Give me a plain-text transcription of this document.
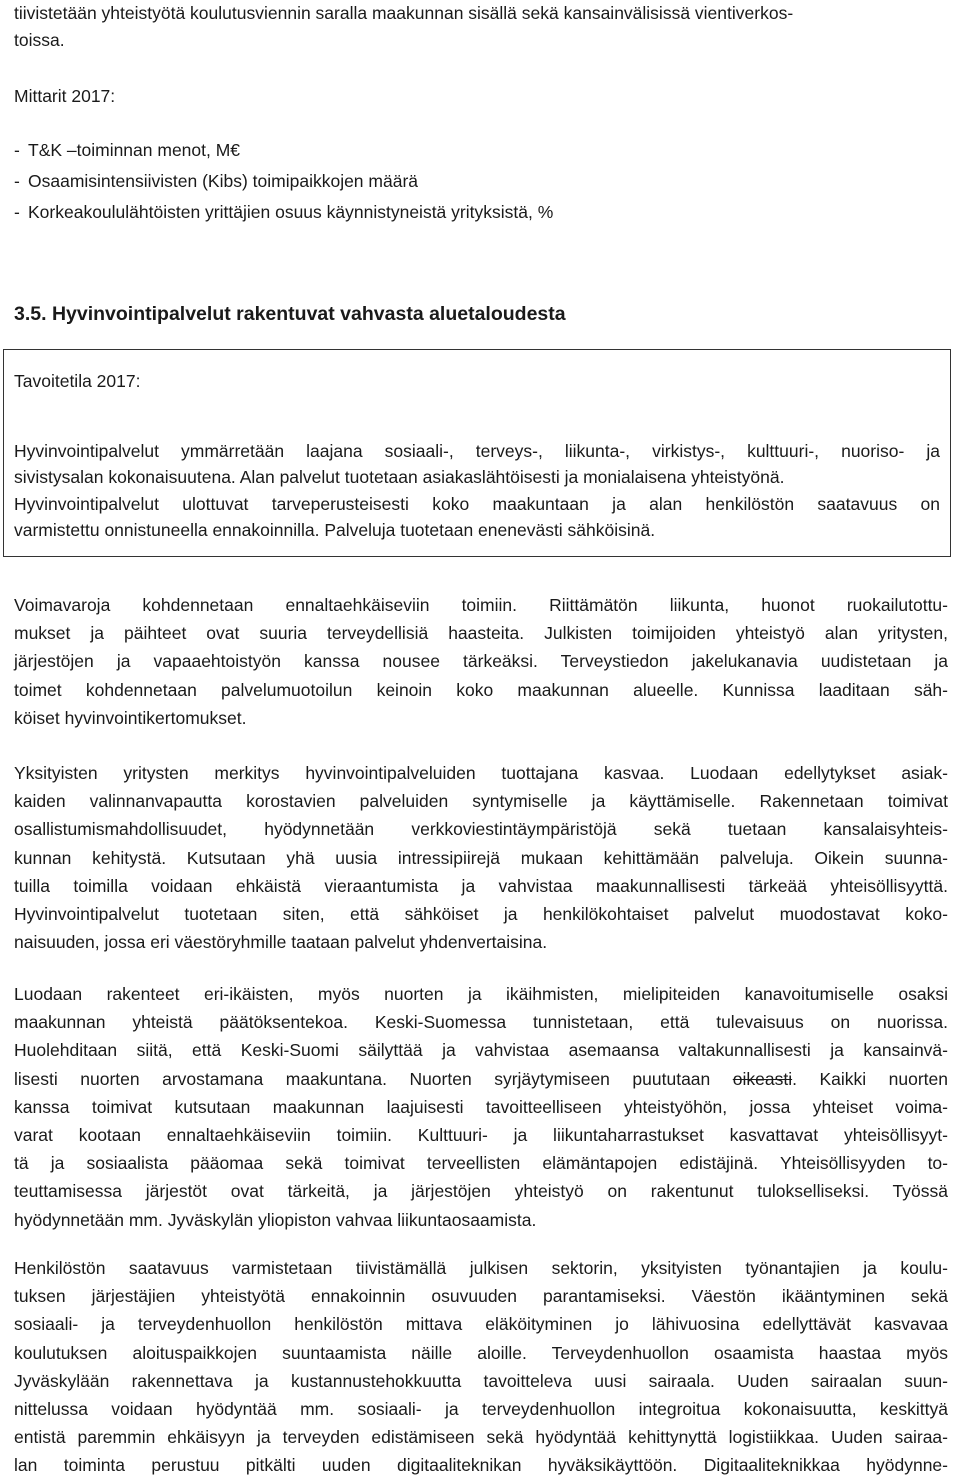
tiivistetään yhteistyötä koulutusviennin saralla maakunnan sisällä sekä kansainvälisissä vientiverkos-
toissa.
Mittarit 2017:
- T&K –toiminnan menot, M€
- Osaamisintensiivisten (Kibs) toimipaikkojen määrä
- Korkeakoululähtöisten yrittäjien osuus käynnistyneistä yrityksistä, %
3.5. Hyvinvointipalvelut rakentuvat vahvasta aluetaloudesta
Tavoitetila 2017:
Hyvinvointipalvelut ymmärretään laajana sosiaali-, terveys-, liikunta-, virkistys-, kulttuuri-, nuoriso- ja
sivistysalan kokonaisuutena. Alan palvelut tuotetaan asiakaslähtöisesti ja monialaisena yhteistyönä.
Hyvinvointipalvelut ulottuvat tarveperusteisesti koko maakuntaan ja alan henkilöstön saatavuus on
varmistettu onnistuneella ennakoinnilla. Palveluja tuotetaan enenevästi sähköisinä.
Voimavaroja kohdennetaan ennaltaehkäiseviin toimiin. Riittämätön liikunta, huonot ruokailutottu-
mukset ja päihteet ovat suuria terveydellisiä haasteita. Julkisten toimijoiden yhteistyö alan yritysten,
järjestöjen ja vapaaehtoistyön kanssa nousee tärkeäksi. Terveystiedon jakelukanavia uudistetaan ja
toimet kohdennetaan palvelumuotoilun keinoin koko maakunnan alueelle. Kunnissa laaditaan säh-
köiset hyvinvointikertomukset.
Yksityisten yritysten merkitys hyvinvointipalveluiden tuottajana kasvaa. Luodaan edellytykset asiak-
kaiden valinnanvapautta korostavien palveluiden syntymiselle ja käyttämiselle. Rakennetaan toimivat
osallistumismahdollisuudet, hyödynnetään verkkoviestintäympäristöjä sekä tuetaan kansalaisyhteis-
kunnan kehitystä. Kutsutaan yhä uusia intressipiirejä mukaan kehittämään palveluja. Oikein suunna-
tuilla toimilla voidaan ehkäistä vieraantumista ja vahvistaa maakunnallisesti tärkeää yhteisöllisyyttä.
Hyvinvointipalvelut tuotetaan siten, että sähköiset ja henkilökohtaiset palvelut muodostavat koko-
naisuuden, jossa eri väestöryhmille taataan palvelut yhdenvertaisina.
Luodaan rakenteet eri-ikäisten, myös nuorten ja ikäihmisten, mielipiteiden kanavoitumiselle osaksi
maakunnan yhteistä päätöksentekoa. Keski-Suomessa tunnistetaan, että tulevaisuus on nuorissa.
Huolehditaan siitä, että Keski-Suomi säilyttää ja vahvistaa asemaansa valtakunnallisesti ja kansainvä-
lisesti nuorten arvostamana maakuntana. Nuorten syrjäytymiseen puututaan oikeasti. Kaikki nuorten
kanssa toimivat kutsutaan maakunnan laajuisesti tavoitteelliseen yhteistyöhön, jossa yhteiset voima-
varat kootaan ennaltaehkäiseviin toimiin. Kulttuuri- ja liikuntaharrastukset kasvattavat yhteisöllisyyt-
tä ja sosiaalista pääomaa sekä toimivat terveellisten elämäntapojen edistäjinä. Yhteisöllisyyden to-
teuttamisessa järjestöt ovat tärkeitä, ja järjestöjen yhteistyö on rakentunut tulokselliseksi. Työssä
hyödynnetään mm. Jyväskylän yliopiston vahvaa liikuntaosaamista.
Henkilöstön saatavuus varmistetaan tiivistämällä julkisen sektorin, yksityisten työnantajien ja koulu-
tuksen järjestäjien yhteistyötä ennakoinnin osuvuuden parantamiseksi. Väestön ikääntyminen sekä
sosiaali- ja terveydenhuollon henkilöstön mittava eläköityminen jo lähivuosina edellyttävät kasvavaa
koulutuksen aloituspaikkojen suuntaamista näille aloille. Terveydenhuollon osaamista haastaa myös
Jyväskylään rakennettava ja kustannustehokkuutta tavoitteleva uusi sairaala. Uuden sairaalan suun-
nittelussa voidaan hyödyntää mm. sosiaali- ja terveydenhuollon integroitua kokonaisuutta, keskittyä
entistä paremmin ehkäisyyn ja terveyden edistämiseen sekä hyödyntää kehittynyttä logistiikkaa. Uuden sairaa-
lan toiminta perustuu pitkälti uuden digitaaliteknikan hyväksikäyttöön. Digitaaliteknikkaa hyödynne-
